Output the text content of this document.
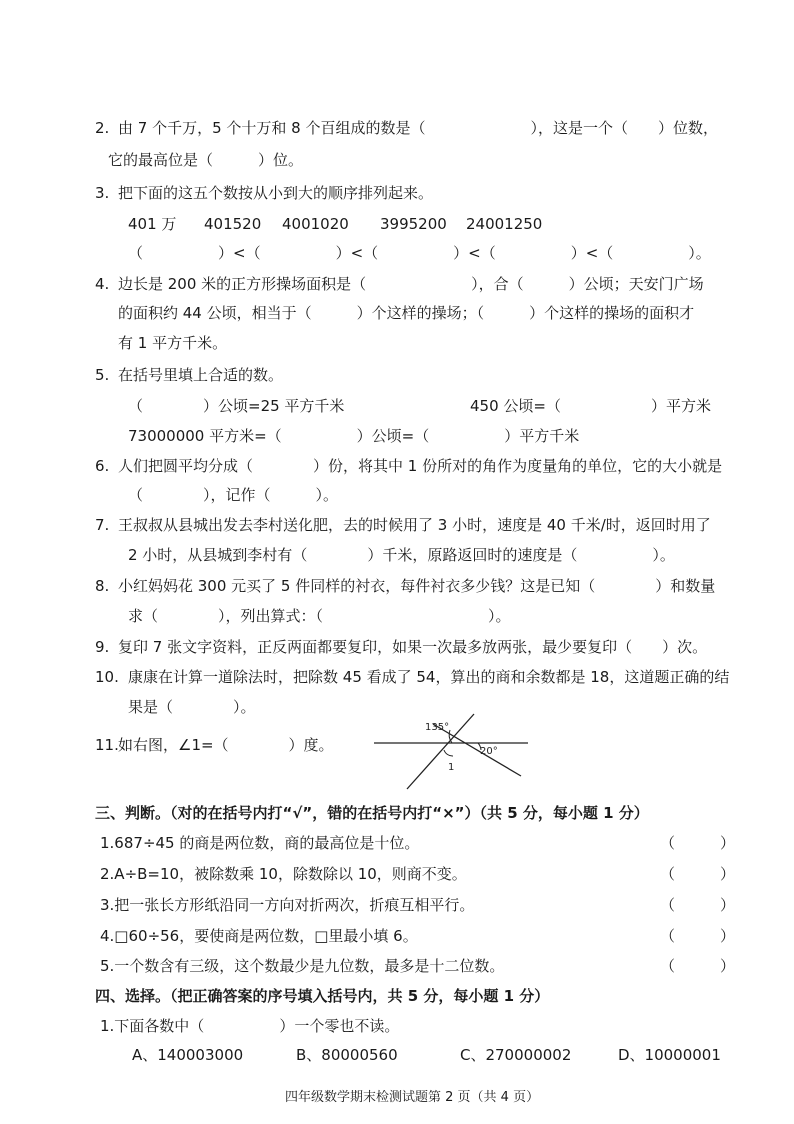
2. 由 7 个千万，5 个十万和 8 个百组成的数是（　　　　　　　），这是一个（　　）位数，
它的最高位是（　　　）位。
3. 把下面的这五个数按从小到大的顺序排列起来。
401 万 401520 4001020 3995200 24001250
（　　　　　）<（　　　　　）<（　　　　　）<（　　　　　）<（　　　　　）。
4. 边长是 200 米的正方形操场面积是（　　　　　　　），合（　　　）公顷；天安门广场
的面积约 44 公顷，相当于（　　　）个这样的操场；（　　　）个这样的操场的面积才
有 1 平方千米。
5. 在括号里填上合适的数。
（　　　　）公顷=25 平方千米	450 公顷=（　　　　　　）平方米
73000000 平方米=（　　　　　）公顷=（　　　　　）平方千米
6. 人们把圆平均分成（　　　　）份，将其中 1 份所对的角作为度量角的单位，它的大小就是
（　　　　），记作（　　　）。
7. 王叔叔从县城出发去李村送化肥，去的时候用了 3 小时，速度是 40 千米/时，返回时用了
2 小时，从县城到李村有（　　　　）千米，原路返回时的速度是（　　　　　）。
8. 小红妈妈花 300 元买了 5 件同样的衬衣，每件衬衣多少钱？这是已知（　　　　）和数量
求（　　　　），列出算式：（　　　　　　　　　　　）。
9. 复印 7 张文字资料，正反两面都要复印，如果一次最多放两张，最少要复印（　　）次。
10. 康康在计算一道除法时，把除数 45 看成了 54，算出的商和余数都是 18，这道题正确的结
果是（　　　　）。
11. 如右图，∠1=（　　　　）度。
135°
20°
1
三、判断。（对的在括号内打“√”，错的在括号内打“×”）（共 5 分，每小题 1 分）
1.687÷45 的商是两位数，商的最高位是十位。	（　　　）
2.A÷B=10，被除数乘 10，除数除以 10，则商不变。	（　　　）
3.把一张长方形纸沿同一方向对折两次，折痕互相平行。	（　　　）
4.□60÷56，要使商是两位数，□里最小填 6。	（　　　）
5.一个数含有三级，这个数最少是九位数，最多是十二位数。	（　　　）
四、选择。（把正确答案的序号填入括号内，共 5 分，每小题 1 分）
1.下面各数中（　　　　　）一个零也不读。
A、140003000	B、80000560	C、270000002	D、10000001
四年级数学期末检测试题第 2 页（共 4 页）
